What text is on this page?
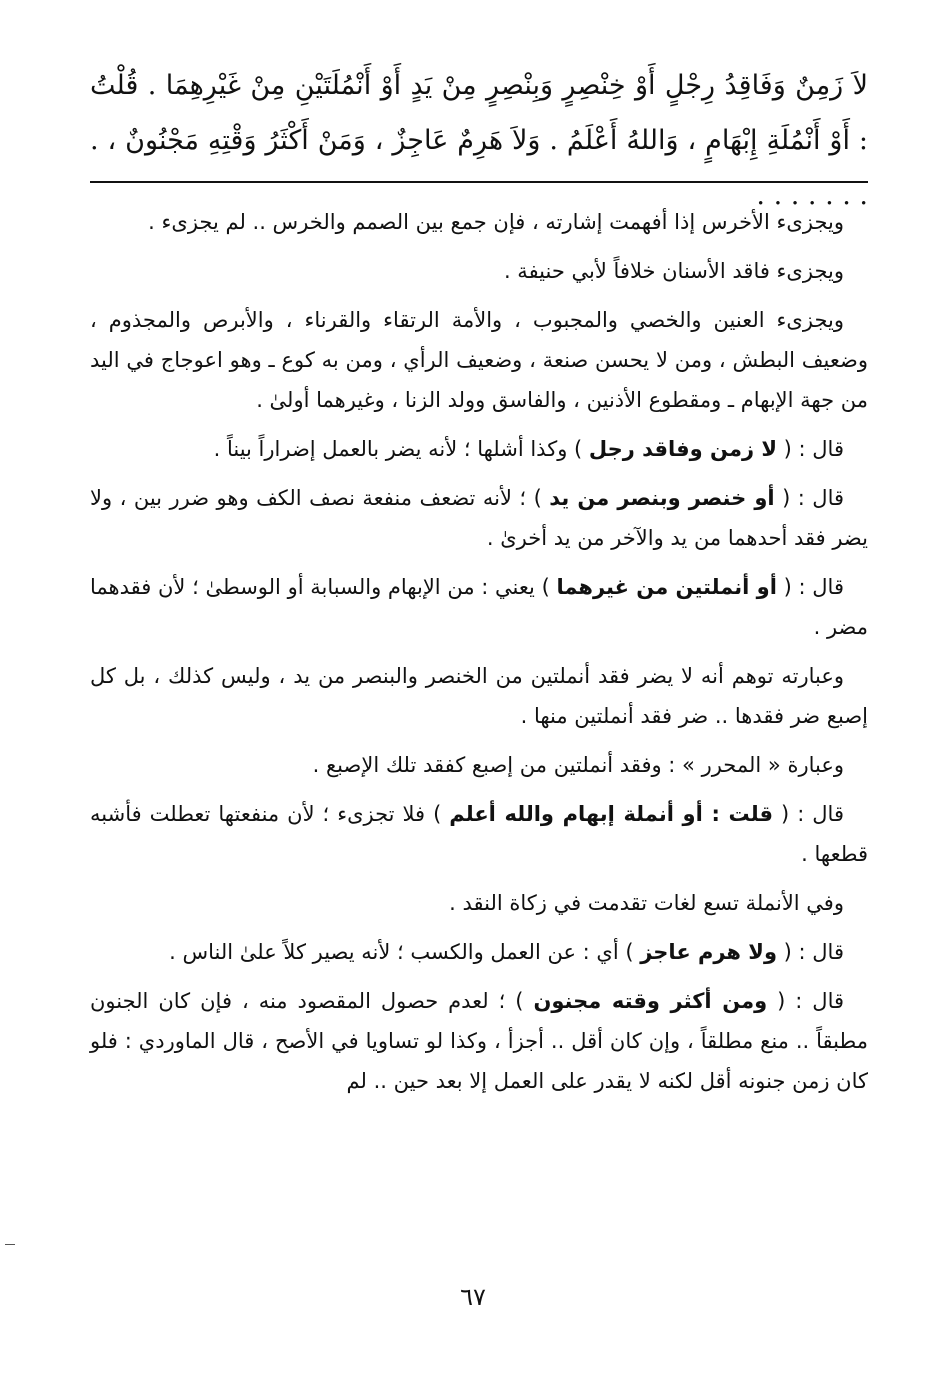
لاَ زَمِنٌ وَفَاقِدُ رِجْلٍ أَوْ خِنْصِرٍ وَبِنْصِرٍ مِنْ يَدٍ أَوْ أَنْمُلَتَيْنِ مِنْ غَيْرِهِمَا . قُلْتُ : أَوْ أَنْمُلَةِ إِبْهَامٍ ، وَاللهُ أَعْلَمُ . وَلاَ هَرِمٌ عَاجِزٌ ، وَمَنْ أَكْثَرُ وَقْتِهِ مَجْنُونٌ ، . . . . . . . .

ويجزىء الأخرس إذا أفهمت إشارته ، فإن جمع بين الصمم والخرس .. لم يجزىء .

ويجزىء فاقد الأسنان خلافاً لأبي حنيفة .

ويجزىء العنين والخصي والمجبوب ، والأمة الرتقاء والقرناء ، والأبرص والمجذوم ، وضعيف البطش ، ومن لا يحسن صنعة ، وضعيف الرأي ، ومن به كوع ـ وهو اعوجاج في اليد من جهة الإبهام ـ ومقطوع الأذنين ، والفاسق وولد الزنا ، وغيرهما أولىٰ .

قال : ( لا زمن وفاقد رجل ) وكذا أشلها ؛ لأنه يضر بالعمل إضراراً بيناً .

قال : ( أو خنصر وبنصر من يد ) ؛ لأنه تضعف منفعة نصف الكف وهو ضرر بين ، ولا يضر فقد أحدهما من يد والآخر من يد أخرىٰ .

قال : ( أو أنملتين من غيرهما ) يعني : من الإبهام والسبابة أو الوسطىٰ ؛ لأن فقدهما مضر .

وعبارته توهم أنه لا يضر فقد أنملتين من الخنصر والبنصر من يد ، وليس كذلك ، بل كل إصبع ضر فقدها .. ضر فقد أنملتين منها .

وعبارة « المحرر » : وفقد أنملتين من إصبع كفقد تلك الإصبع .

قال : ( قلت : أو أنملة إبهام والله أعلم ) فلا تجزىء ؛ لأن منفعتها تعطلت فأشبه قطعها .

وفي الأنملة تسع لغات تقدمت في زكاة النقد .

قال : ( ولا هرم عاجز ) أي : عن العمل والكسب ؛ لأنه يصير كلاً علىٰ الناس .

قال : ( ومن أكثر وقته مجنون ) ؛ لعدم حصول المقصود منه ، فإن كان الجنون مطبقاً .. منع مطلقاً ، وإن كان أقل .. أجزأ ، وكذا لو تساويا في الأصح ، قال الماوردي : فلو كان زمن جنونه أقل لكنه لا يقدر على العمل إلا بعد حين .. لم

٦٧
